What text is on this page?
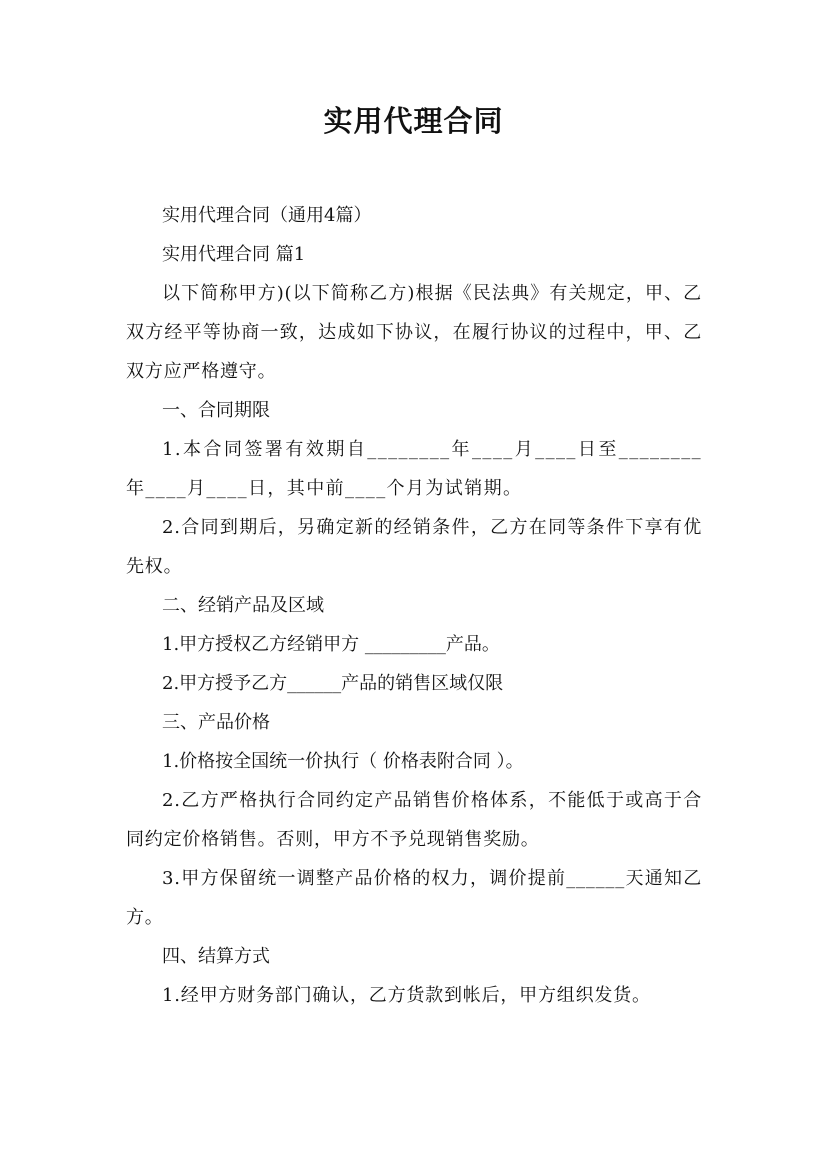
实用代理合同

实用代理合同（通用4篇）

实用代理合同 篇1

以下简称甲方)(以下简称乙方)根据《民法典》有关规定，甲、乙双方经平等协商一致，达成如下协议，在履行协议的过程中，甲、乙双方应严格遵守。

一、合同期限

1.本合同签署有效期自________年____月____日至________年____月____日，其中前____个月为试销期。

2.合同到期后，另确定新的经销条件，乙方在同等条件下享有优先权。

二、经销产品及区域

1.甲方授权乙方经销甲方 _________产品。

2.甲方授予乙方______产品的销售区域仅限

三、产品价格

1.价格按全国统一价执行（ 价格表附合同 ）。

2.乙方严格执行合同约定产品销售价格体系，不能低于或高于合同约定价格销售。否则，甲方不予兑现销售奖励。

3.甲方保留统一调整产品价格的权力，调价提前______天通知乙方。

四、结算方式

1.经甲方财务部门确认，乙方货款到帐后，甲方组织发货。
